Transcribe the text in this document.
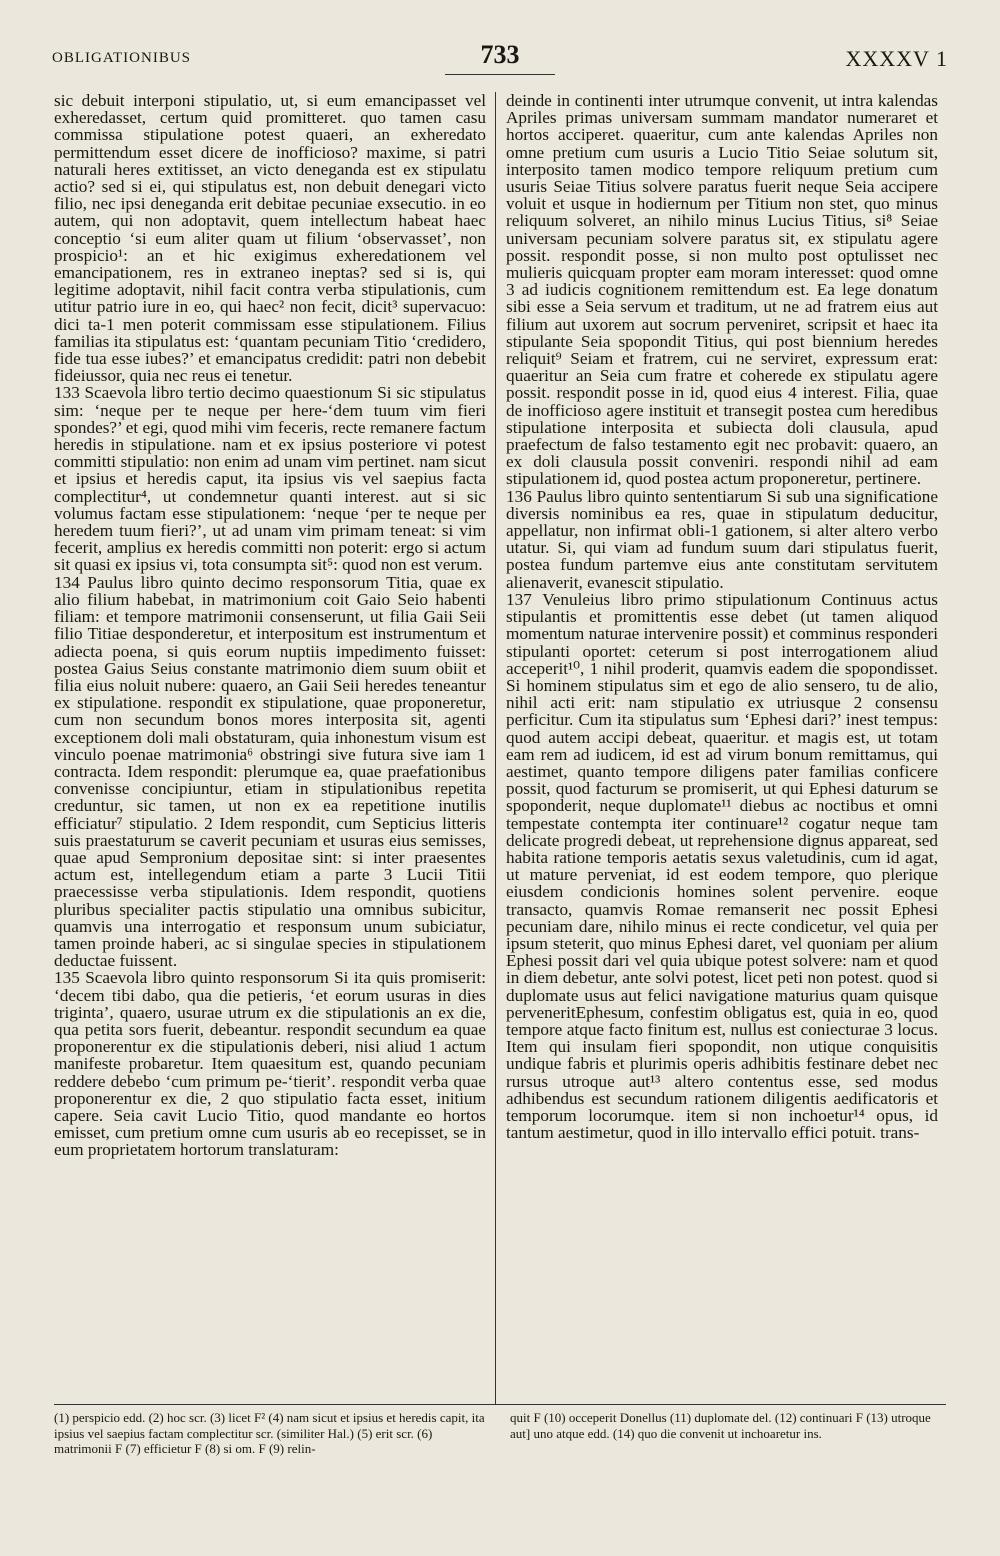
OBLIGATIONIBUS	733	XXXXV 1

sic debuit interponi stipulatio, ut, si eum emancipasset vel exheredasset, certum quid promitteret. quo tamen casu commissa stipulatione potest quaeri, an exheredato permittendum esset dicere de inofficioso? maxime, si patri naturali heres extitisset, an victo deneganda est ex stipulatu actio? sed si ei, qui stipulatus est, non debuit denegari victo filio, nec ipsi deneganda erit debitae pecuniae exsecutio. in eo autem, qui non adoptavit, quem intellectum habeat haec conceptio ‘si eum aliter quam ut filium ‘observasset’, non prospicio¹: an et hic exigimus exheredationem vel emancipationem, res in extraneo ineptas? sed si is, qui legitime adoptavit, nihil facit contra verba stipulationis, cum utitur patrio iure in eo, qui haec² non fecit, dicit³ supervacuo: dici ta-1 men poterit commissam esse stipulationem. Filius familias ita stipulatus est: ‘quantam pecuniam Titio ‘credidero, fide tua esse iubes?’ et emancipatus credidit: patri non debebit fideiussor, quia nec reus ei tenetur.

133 Scaevola libro tertio decimo quaestionum Si sic stipulatus sim: ‘neque per te neque per here-‘dem tuum vim fieri spondes?’ et egi, quod mihi vim feceris, recte remanere factum heredis in stipulatione. nam et ex ipsius posteriore vi potest committi stipulatio: non enim ad unam vim pertinet. nam sicut et ipsius et heredis caput, ita ipsius vis vel saepius facta complectitur⁴, ut condemnetur quanti interest. aut si sic volumus factam esse stipulationem: ‘neque ‘per te neque per heredem tuum fieri?’, ut ad unam vim primam teneat: si vim fecerit, amplius ex heredis committi non poterit: ergo si actum sit quasi ex ipsius vi, tota consumpta sit⁵: quod non est verum.

134 Paulus libro quinto decimo responsorum Titia, quae ex alio filium habebat, in matrimonium coit Gaio Seio habenti filiam: et tempore matrimonii consenserunt, ut filia Gaii Seii filio Titiae desponderetur, et interpositum est instrumentum et adiecta poena, si quis eorum nuptiis impedimento fuisset: postea Gaius Seius constante matrimonio diem suum obiit et filia eius noluit nubere: quaero, an Gaii Seii heredes teneantur ex stipulatione. respondit ex stipulatione, quae proponeretur, cum non secundum bonos mores interposita sit, agenti exceptionem doli mali obstaturam, quia inhonestum visum est vinculo poenae matrimonia⁶ obstringi sive futura sive iam 1 contracta. Idem respondit: plerumque ea, quae praefationibus convenisse concipiuntur, etiam in stipulationibus repetita creduntur, sic tamen, ut non ex ea repetitione inutilis efficiatur⁷ stipulatio. 2 Idem respondit, cum Septicius litteris suis praestaturum se caverit pecuniam et usuras eius semisses, quae apud Sempronium depositae sint: si inter praesentes actum est, intellegendum etiam a parte 3 Lucii Titii praecessisse verba stipulationis. Idem respondit, quotiens pluribus specialiter pactis stipulatio una omnibus subicitur, quamvis una interrogatio et responsum unum subiciatur, tamen proinde haberi, ac si singulae species in stipulationem deductae fuissent.

135 Scaevola libro quinto responsorum Si ita quis promiserit: ‘decem tibi dabo, qua die petieris, ‘et eorum usuras in dies triginta’, quaero, usurae utrum ex die stipulationis an ex die, qua petita sors fuerit, debeantur. respondit secundum ea quae proponerentur ex die stipulationis deberi, nisi aliud 1 actum manifeste probaretur. Item quaesitum est, quando pecuniam reddere debebo ‘cum primum pe-‘tierit’. respondit verba quae proponerentur ex die, 2 quo stipulatio facta esset, initium capere. Seia cavit Lucio Titio, quod mandante eo hortos emisset, cum pretium omne cum usuris ab eo recepisset, se in eum proprietatem hortorum translaturam:

deinde in continenti inter utrumque convenit, ut intra kalendas Apriles primas universam summam mandator numeraret et hortos acciperet. quaeritur, cum ante kalendas Apriles non omne pretium cum usuris a Lucio Titio Seiae solutum sit, interposito tamen modico tempore reliquum pretium cum usuris Seiae Titius solvere paratus fuerit neque Seia accipere voluit et usque in hodiernum per Titium non stet, quo minus reliquum solveret, an nihilo minus Lucius Titius, si⁸ Seiae universam pecuniam solvere paratus sit, ex stipulatu agere possit. respondit posse, si non multo post optulisset nec mulieris quicquam propter eam moram interesset: quod omne 3 ad iudicis cognitionem remittendum est. Ea lege donatum sibi esse a Seia servum et traditum, ut ne ad fratrem eius aut filium aut uxorem aut socrum perveniret, scripsit et haec ita stipulante Seia spopondit Titius, qui post biennium heredes reliquit⁹ Seiam et fratrem, cui ne serviret, expressum erat: quaeritur an Seia cum fratre et coherede ex stipulatu agere possit. respondit posse in id, quod eius 4 interest. Filia, quae de inofficioso agere instituit et transegit postea cum heredibus stipulatione interposita et subiecta doli clausula, apud praefectum de falso testamento egit nec probavit: quaero, an ex doli clausula possit conveniri. respondi nihil ad eam stipulationem id, quod postea actum proponeretur, pertinere.

136 Paulus libro quinto sententiarum Si sub una significatione diversis nominibus ea res, quae in stipulatum deducitur, appellatur, non infirmat obli-1 gationem, si alter altero verbo utatur. Si, qui viam ad fundum suum dari stipulatus fuerit, postea fundum partemve eius ante constitutam servitutem alienaverit, evanescit stipulatio.

137 Venuleius libro primo stipulationum Continuus actus stipulantis et promittentis esse debet (ut tamen aliquod momentum naturae intervenire possit) et comminus responderi stipulanti oportet: ceterum si post interrogationem aliud acceperit¹⁰, 1 nihil proderit, quamvis eadem die spopondisset. Si hominem stipulatus sim et ego de alio sensero, tu de alio, nihil acti erit: nam stipulatio ex utriusque 2 consensu perficitur. Cum ita stipulatus sum ‘Ephesi dari?’ inest tempus: quod autem accipi debeat, quaeritur. et magis est, ut totam eam rem ad iudicem, id est ad virum bonum remittamus, qui aestimet, quanto tempore diligens pater familias conficere possit, quod facturum se promiserit, ut qui Ephesi daturum se spoponderit, neque duplomate¹¹ diebus ac noctibus et omni tempestate contempta iter continuare¹² cogatur neque tam delicate progredi debeat, ut reprehensione dignus appareat, sed habita ratione temporis aetatis sexus valetudinis, cum id agat, ut mature perveniat, id est eodem tempore, quo plerique eiusdem condicionis homines solent pervenire. eoque transacto, quamvis Romae remanserit nec possit Ephesi pecuniam dare, nihilo minus ei recte condicetur, vel quia per ipsum steterit, quo minus Ephesi daret, vel quoniam per alium Ephesi possit dari vel quia ubique potest solvere: nam et quod in diem debetur, ante solvi potest, licet peti non potest. quod si duplomate usus aut felici navigatione maturius quam quisque perveneritEphesum, confestim obligatus est, quia in eo, quod tempore atque facto finitum est, nullus est coniecturae 3 locus. Item qui insulam fieri spopondit, non utique conquisitis undique fabris et plurimis operis adhibitis festinare debet nec rursus utroque aut¹³ altero contentus esse, sed modus adhibendus est secundum rationem diligentis aedificatoris et temporum locorumque. item si non inchoetur¹⁴ opus, id tantum aestimetur, quod in illo intervallo effici potuit. trans-

(1) perspicio edd. (2) hoc scr. (3) licet F² (4) nam sicut et ipsius et heredis capit, ita ipsius vel saepius factam complectitur scr. (similiter Hal.) (5) erit scr. (6) matrimonii F (7) efficietur F (8) si om. F (9) relin-
quit F (10) occeperit Donellus (11) duplomate del. (12) continuari F (13) utroque aut] uno atque edd. (14) quo die convenit ut inchoaretur ins.
